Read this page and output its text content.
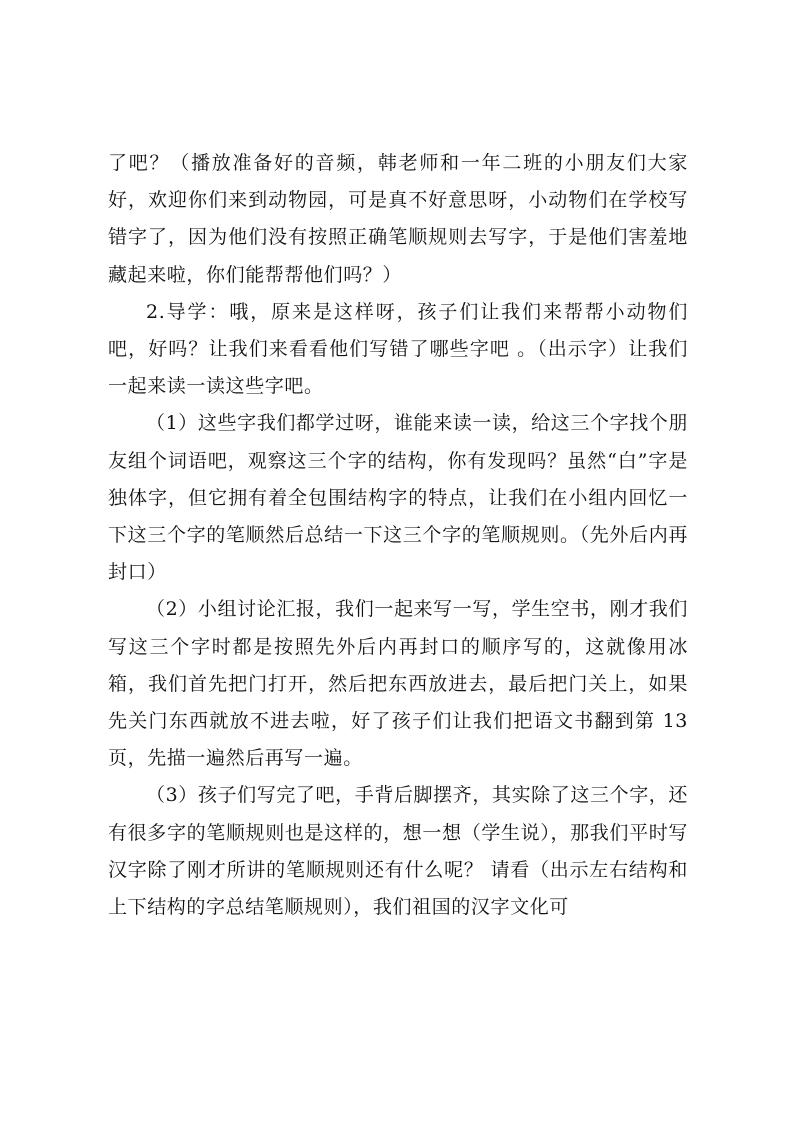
了吧？（播放准备好的音频，韩老师和一年二班的小朋友们大家好，欢迎你们来到动物园，可是真不好意思呀，小动物们在学校写错字了，因为他们没有按照正确笔顺规则去写字，于是他们害羞地藏起来啦，你们能帮帮他们吗？）

2.导学：哦，原来是这样呀，孩子们让我们来帮帮小动物们吧，好吗？让我们来看看他们写错了哪些字吧 。（出示字）让我们一起来读一读这些字吧。

（1）这些字我们都学过呀，谁能来读一读，给这三个字找个朋友组个词语吧，观察这三个字的结构，你有发现吗？虽然“白”字是独体字，但它拥有着全包围结构字的特点，让我们在小组内回忆一下这三个字的笔顺然后总结一下这三个字的笔顺规则。（先外后内再封口）

（2）小组讨论汇报，我们一起来写一写，学生空书，刚才我们写这三个字时都是按照先外后内再封口的顺序写的，这就像用冰箱，我们首先把门打开，然后把东西放进去，最后把门关上，如果先关门东西就放不进去啦，好了孩子们让我们把语文书翻到第 13 页，先描一遍然后再写一遍。

（3）孩子们写完了吧，手背后脚摆齐，其实除了这三个字，还有很多字的笔顺规则也是这样的，想一想（学生说），那我们平时写汉字除了刚才所讲的笔顺规则还有什么呢？ 请看（出示左右结构和上下结构的字总结笔顺规则），我们祖国的汉字文化可
